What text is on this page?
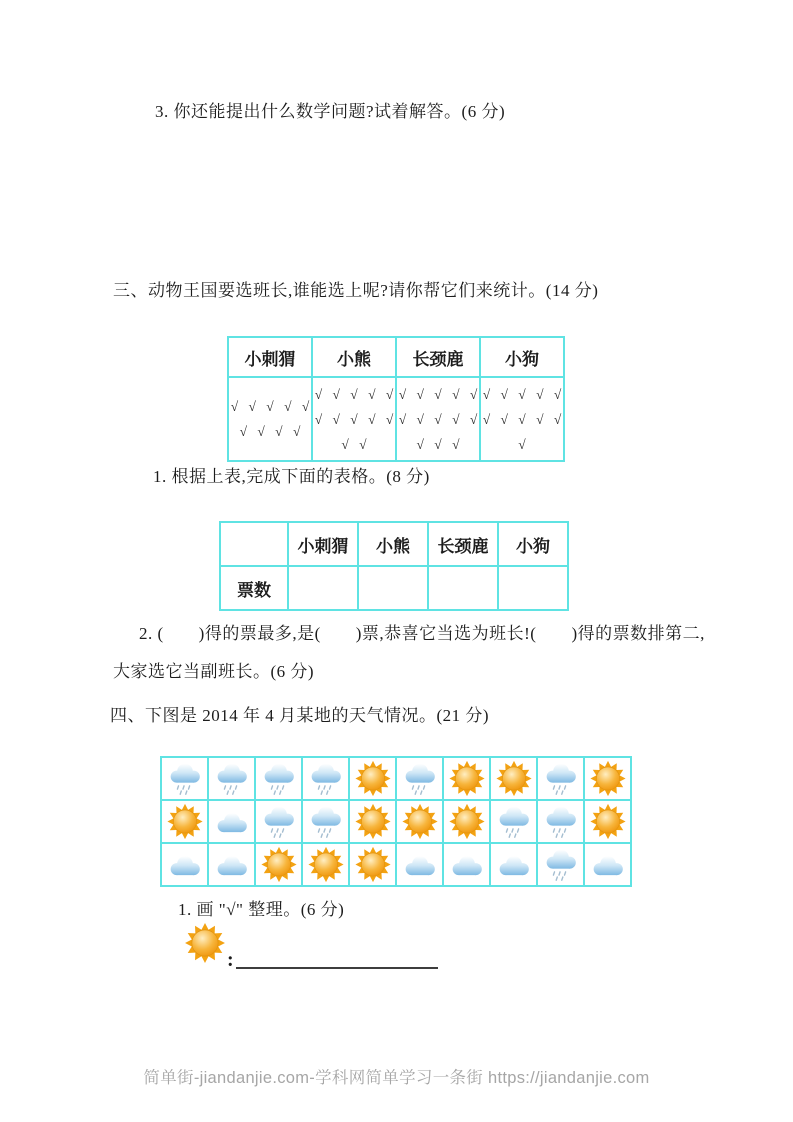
3. 你还能提出什么数学问题?试着解答。(6 分)
三、动物王国要选班长,谁能选上呢?请你帮它们来统计。(14 分)
小刺猬	小熊	长颈鹿	小狗

√ √ √ √ √
√ √ √ √

√ √ √ √ √
√ √ √ √ √
√ √

√ √ √ √ √
√ √ √ √ √
√ √ √

√ √ √ √ √
√ √ √ √ √
√
1. 根据上表,完成下面的表格。(8 分)
	小刺猬	小熊	长颈鹿	小狗
票数				
2. (　　)得的票最多,是(　　)票,恭喜它当选为班长!(　　)得的票数排第二,
大家选它当副班长。(6 分)
四、下图是 2014 年 4 月某地的天气情况。(21 分)

1. 画 "√" 整理。(6 分)
:
简单街-jiandanjie.com-学科网简单学习一条街 https://jiandanjie.com
